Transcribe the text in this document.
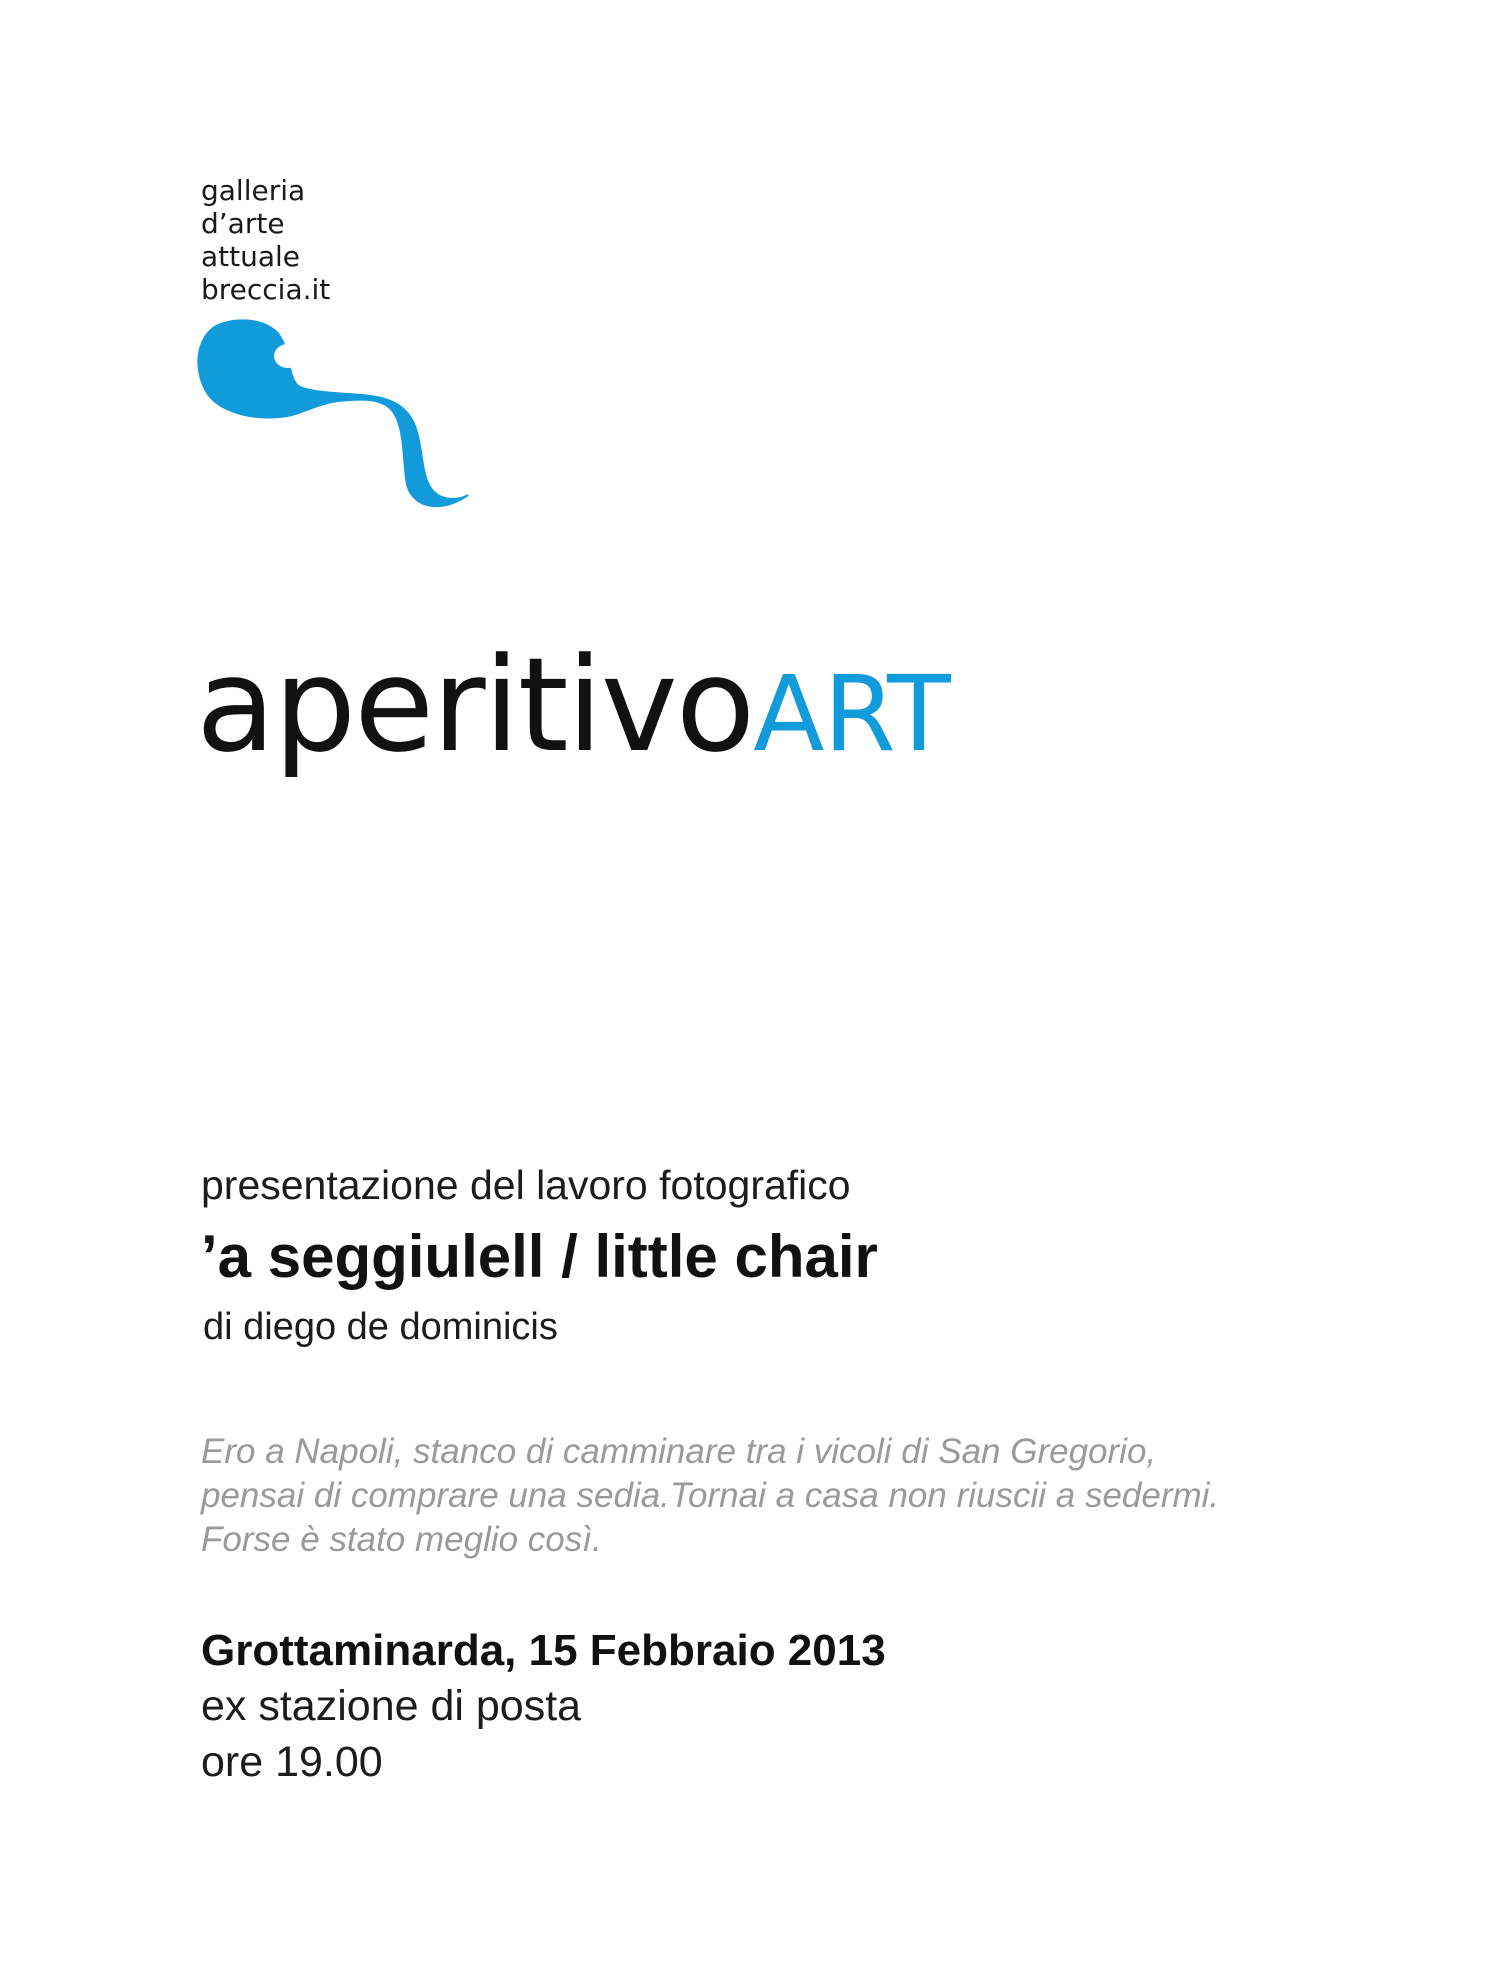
galleria
d’arte
attuale
breccia.it
aperitivoART
presentazione del lavoro fotografico
’a seggiulell / little chair
di diego de dominicis
Ero a Napoli, stanco di camminare tra i vicoli di San Gregorio,
pensai di comprare una sedia.Tornai a casa non riuscii a sedermi.
Forse è stato meglio così.
Grottaminarda, 15 Febbraio 2013
ex stazione di posta
ore 19.00
